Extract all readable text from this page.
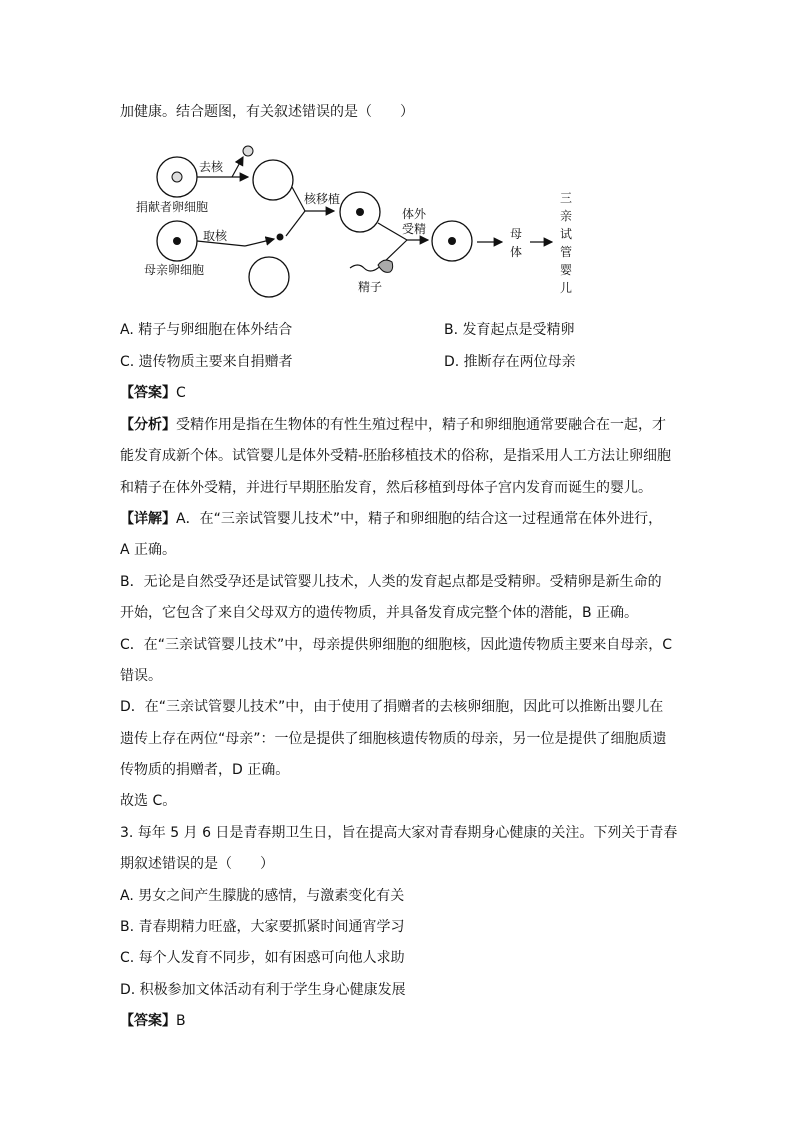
加健康。结合题图，有关叙述错误的是（　　）
捐献者卵细胞
去核
母亲卵细胞
取核
核移植
体外
受精
精子
母
体
三
亲
试
管
婴
儿
A. 精子与卵细胞在体外结合	B. 发育起点是受精卵
C. 遗传物质主要来自捐赠者	D. 推断存在两位母亲
【答案】C
【分析】受精作用是指在生物体的有性生殖过程中，精子和卵细胞通常要融合在一起，才
能发育成新个体。试管婴儿是体外受精-胚胎移植技术的俗称，是指采用人工方法让卵细胞
和精子在体外受精，并进行早期胚胎发育，然后移植到母体子宫内发育而诞生的婴儿。
【详解】A．在“三亲试管婴儿技术”中，精子和卵细胞的结合这一过程通常在体外进行，
A 正确。
B．无论是自然受孕还是试管婴儿技术，人类的发育起点都是受精卵。受精卵是新生命的
开始，它包含了来自父母双方的遗传物质，并具备发育成完整个体的潜能，B 正确。
C．在“三亲试管婴儿技术”中，母亲提供卵细胞的细胞核，因此遗传物质主要来自母亲，C
错误。
D．在“三亲试管婴儿技术”中，由于使用了捐赠者的去核卵细胞，因此可以推断出婴儿在
遗传上存在两位“母亲”：一位是提供了细胞核遗传物质的母亲，另一位是提供了细胞质遗
传物质的捐赠者，D 正确。
故选 C。
3. 每年 5 月 6 日是青春期卫生日，旨在提高大家对青春期身心健康的关注。下列关于青春
期叙述错误的是（　　）
A. 男女之间产生朦胧的感情，与激素变化有关
B. 青春期精力旺盛，大家要抓紧时间通宵学习
C. 每个人发育不同步，如有困惑可向他人求助
D. 积极参加文体活动有利于学生身心健康发展
【答案】B
